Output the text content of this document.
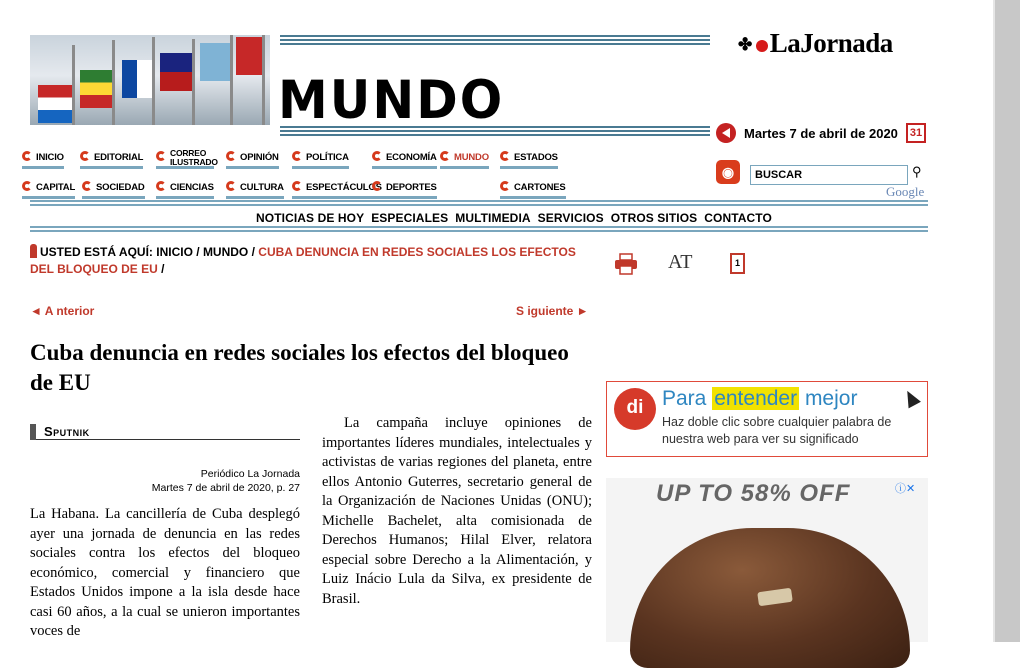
MUNDO
✤ LaJornada
Martes 7 de abril de 2020	31
INICIO	EDITORIAL	CORREO ILUSTRADO	OPINIÓN	POLÍTICA	ECONOMÍA	MUNDO	ESTADOS
CAPITAL	SOCIEDAD	CIENCIAS	CULTURA	ESPECTÁCULOS DEPORTES	CARTONES
◉
BUSCAR	⚲
Google
NOTICIAS DE HOY ESPECIALES MULTIMEDIA SERVICIOS OTROS SITIOS CONTACTO
USTED ESTÁ AQUÍ: INICIO / MUNDO / CUBA DENUNCIA EN REDES SOCIALES LOS EFECTOS DEL BLOQUEO DE EU /	AT	1
◄ A nterior	S iguiente ►
Cuba denuncia en redes sociales los efectos del bloqueo de EU
Sputnik
Periódico La Jornada
Martes 7 de abril de 2020, p. 27
La Habana. La cancillería de Cuba desplegó ayer una jornada de denuncia en las redes sociales contra los efectos del bloqueo económico, comercial y financiero que Estados Unidos impone a la isla desde hace casi 60 años, a la cual se unieron importantes voces de
La campaña incluye opiniones de importantes líderes mundiales, intelectuales y activistas de varias regiones del planeta, entre ellos Antonio Guterres, secretario general de la Organización de Naciones Unidas (ONU); Michelle Bachelet, alta comisionada de Derechos Humanos; Hilal Elver, relatora especial sobre Derecho a la Alimentación, y Luiz Inácio Lula da Silva, ex presidente de Brasil.
di Para entender mejor
Haz doble clic sobre cualquier palabra de nuestra web para ver su significado
UP TO 58% OFF	ⓘ✕
